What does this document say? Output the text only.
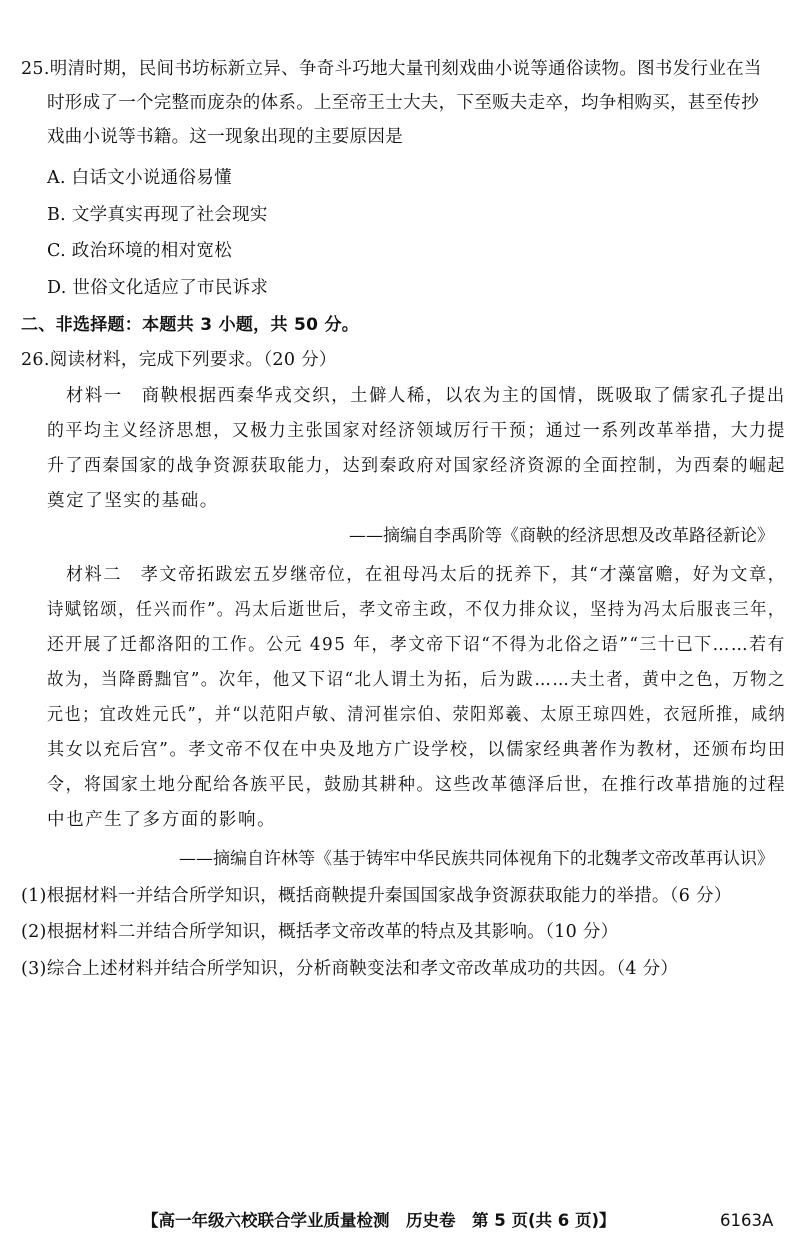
25.明清时期，民间书坊标新立异、争奇斗巧地大量刊刻戏曲小说等通俗读物。图书发行业在当
时形成了一个完整而庞杂的体系。上至帝王士大夫，下至贩夫走卒，均争相购买，甚至传抄
戏曲小说等书籍。这一现象出现的主要原因是
A. 白话文小说通俗易懂
B. 文学真实再现了社会现实
C. 政治环境的相对宽松
D. 世俗文化适应了市民诉求
二、非选择题：本题共 3 小题，共 50 分。
26.阅读材料，完成下列要求。（20 分）
材料一　商鞅根据西秦华戎交织，土僻人稀，以农为主的国情，既吸取了儒家孔子提出
的平均主义经济思想，又极力主张国家对经济领域厉行干预；通过一系列改革举措，大力提
升了西秦国家的战争资源获取能力，达到秦政府对国家经济资源的全面控制，为西秦的崛起
奠定了坚实的基础。
——摘编自李禹阶等《商鞅的经济思想及改革路径新论》
材料二　孝文帝拓跋宏五岁继帝位，在祖母冯太后的抚养下，其“才藻富赡，好为文章，
诗赋铭颂，任兴而作”。冯太后逝世后，孝文帝主政，不仅力排众议，坚持为冯太后服丧三年，
还开展了迁都洛阳的工作。公元 495 年，孝文帝下诏“不得为北俗之语”“三十已下……若有
故为，当降爵黜官”。次年，他又下诏“北人谓土为拓，后为跋……夫土者，黄中之色，万物之
元也；宜改姓元氏”，并“以范阳卢敏、清河崔宗伯、荥阳郑羲、太原王琼四姓，衣冠所推，咸纳
其女以充后宫”。孝文帝不仅在中央及地方广设学校，以儒家经典著作为教材，还颁布均田
令，将国家土地分配给各族平民，鼓励其耕种。这些改革德泽后世，在推行改革措施的过程
中也产生了多方面的影响。
——摘编自许林等《基于铸牢中华民族共同体视角下的北魏孝文帝改革再认识》
(1)根据材料一并结合所学知识，概括商鞅提升秦国国家战争资源获取能力的举措。（6 分）
(2)根据材料二并结合所学知识，概括孝文帝改革的特点及其影响。（10 分）
(3)综合上述材料并结合所学知识，分析商鞅变法和孝文帝改革成功的共因。（4 分）
【高一年级六校联合学业质量检测　历史卷　第 5 页(共 6 页)】	6163A
